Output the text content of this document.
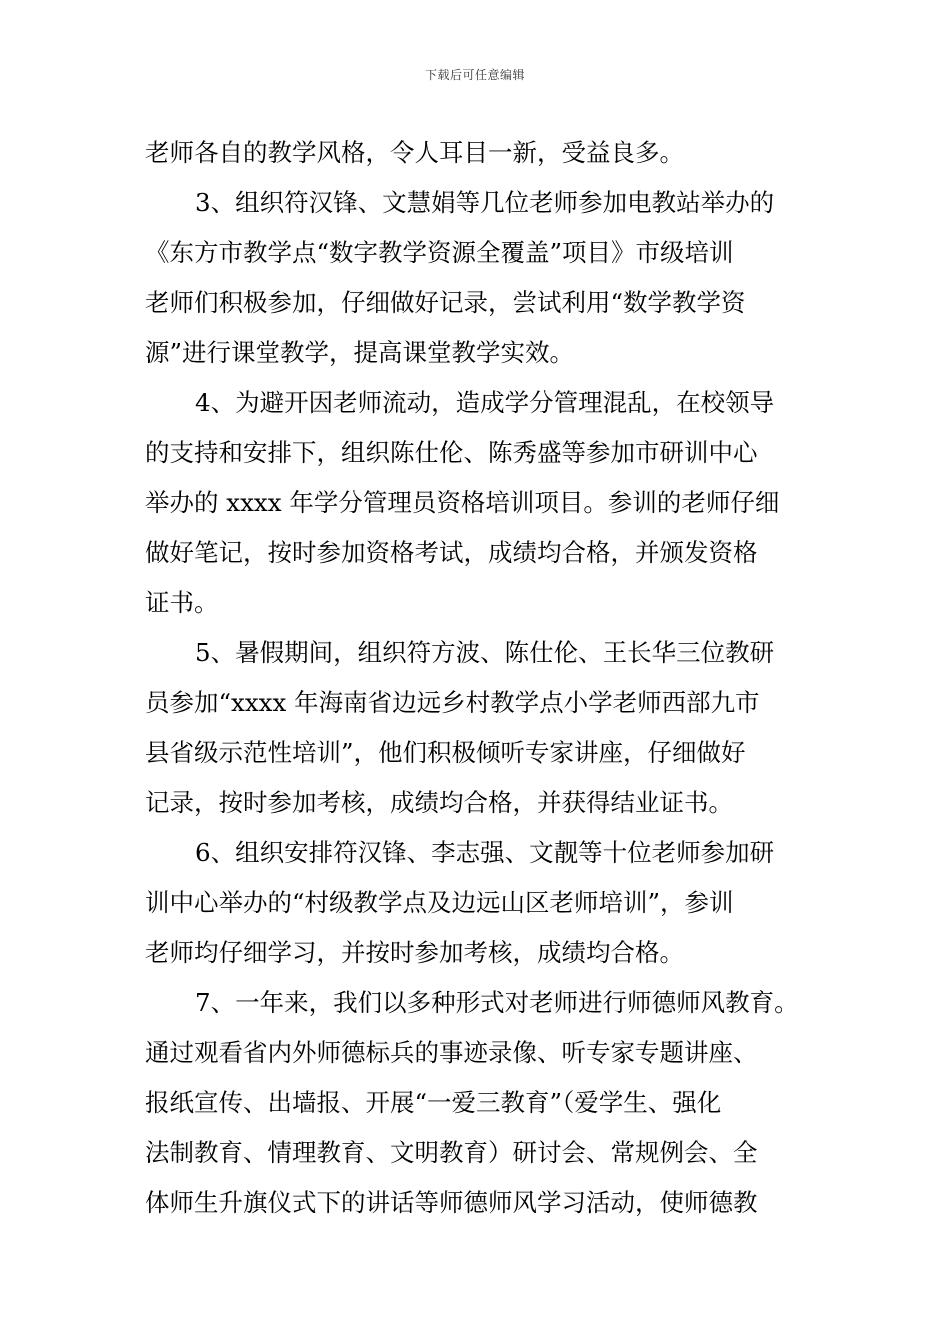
下载后可任意编辑
老师各自的教学风格，令人耳目一新，受益良多。
3、组织符汉锋、文慧娟等几位老师参加电教站举办的
《东方市教学点“数字教学资源全覆盖”项目》市级培训
老师们积极参加，仔细做好记录，尝试利用“数学教学资
源”进行课堂教学，提高课堂教学实效。
4、为避开因老师流动，造成学分管理混乱，在校领导
的支持和安排下，组织陈仕伦、陈秀盛等参加市研训中心
举办的 xxxx 年学分管理员资格培训项目。参训的老师仔细
做好笔记，按时参加资格考试，成绩均合格，并颁发资格
证书。
5、暑假期间，组织符方波、陈仕伦、王长华三位教研
员参加“xxxx 年海南省边远乡村教学点小学老师西部九市
县省级示范性培训”，他们积极倾听专家讲座，仔细做好
记录，按时参加考核，成绩均合格，并获得结业证书。
6、组织安排符汉锋、李志强、文靓等十位老师参加研
训中心举办的“村级教学点及边远山区老师培训”，参训
老师均仔细学习，并按时参加考核，成绩均合格。
7、一年来，我们以多种形式对老师进行师德师风教育。
通过观看省内外师德标兵的事迹录像、听专家专题讲座、
报纸宣传、出墙报、开展“一爱三教育”（爱学生、强化
法制教育、情理教育、文明教育）研讨会、常规例会、全
体师生升旗仪式下的讲话等师德师风学习活动，使师德教
